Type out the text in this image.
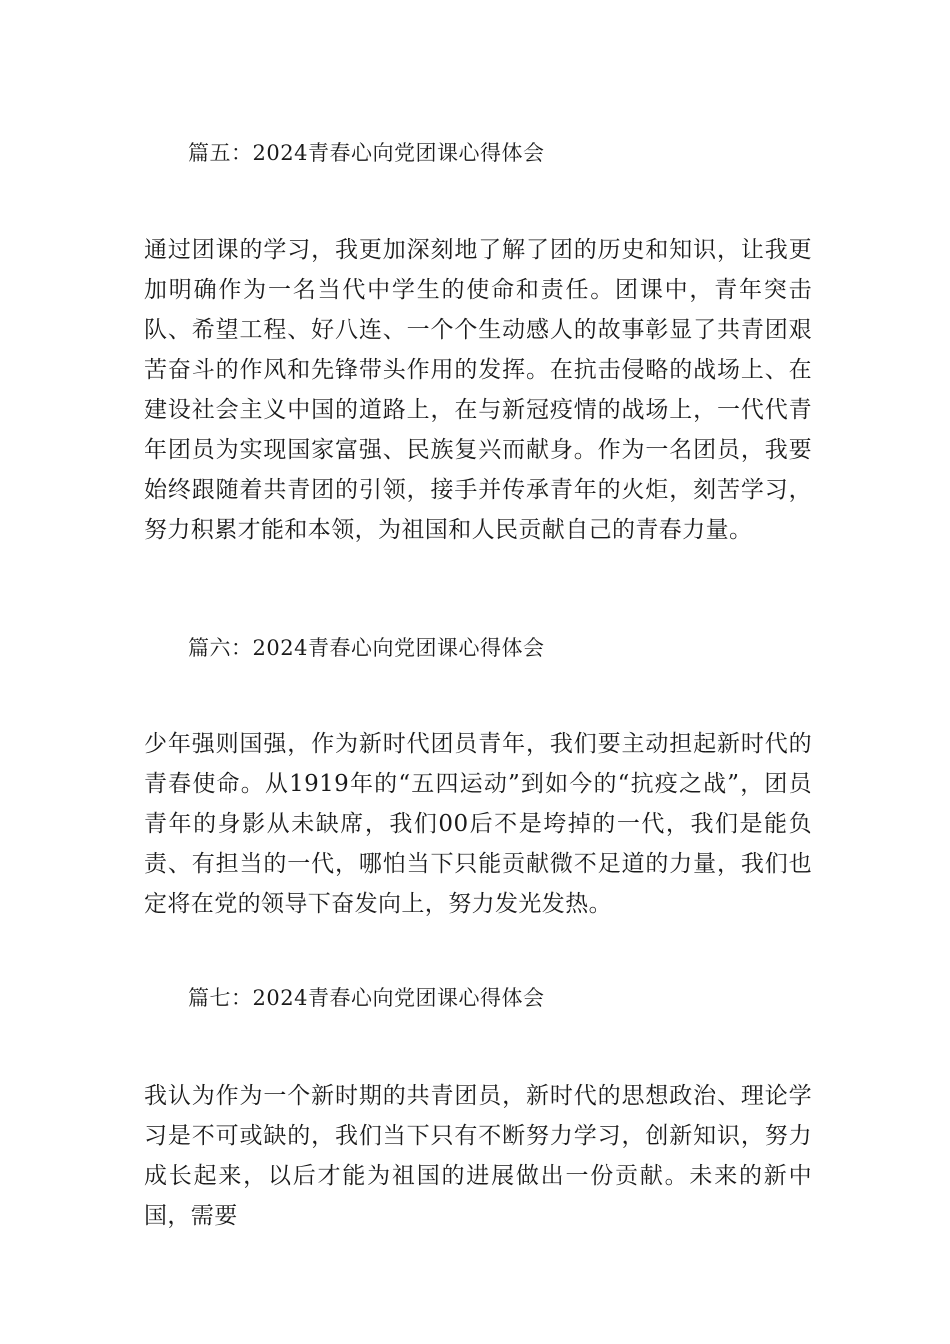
篇五：2024青春心向党团课心得体会
通过团课的学习，我更加深刻地了解了团的历史和知识，让我更加明确作为一名当代中学生的使命和责任。团课中，青年突击队、希望工程、好八连、一个个生动感人的故事彰显了共青团艰苦奋斗的作风和先锋带头作用的发挥。在抗击侵略的战场上、在建设社会主义中国的道路上，在与新冠疫情的战场上，一代代青年团员为实现国家富强、民族复兴而献身。作为一名团员，我要始终跟随着共青团的引领，接手并传承青年的火炬，刻苦学习，努力积累才能和本领，为祖国和人民贡献自己的青春力量。
篇六：2024青春心向党团课心得体会
少年强则国强，作为新时代团员青年，我们要主动担起新时代的青春使命。从1919年的“五四运动”到如今的“抗疫之战”，团员青年的身影从未缺席，我们00后不是垮掉的一代，我们是能负责、有担当的一代，哪怕当下只能贡献微不足道的力量，我们也定将在党的领导下奋发向上，努力发光发热。
篇七：2024青春心向党团课心得体会
我认为作为一个新时期的共青团员，新时代的思想政治、理论学习是不可或缺的，我们当下只有不断努力学习，创新知识，努力成长起来，以后才能为祖国的进展做出一份贡献。未来的新中国，需要
